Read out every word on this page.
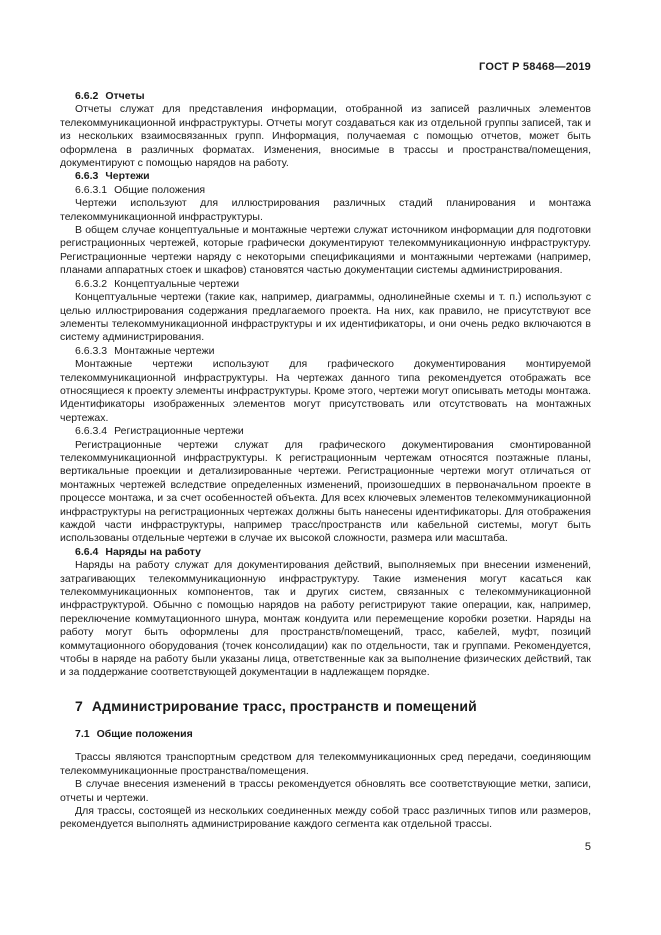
ГОСТ Р 58468—2019
6.6.2 Отчеты

Отчеты служат для представления информации, отобранной из записей различных элементов телекоммуникационной инфраструктуры. Отчеты могут создаваться как из отдельной группы записей, так и из нескольких взаимосвязанных групп. Информация, получаемая с помощью отчетов, может быть оформлена в различных форматах. Изменения, вносимые в трассы и пространства/помещения, документируют с помощью нарядов на работу.

6.6.3 Чертежи
6.6.3.1 Общие положения

Чертежи используют для иллюстрирования различных стадий планирования и монтажа телекоммуникационной инфраструктуры.

В общем случае концептуальные и монтажные чертежи служат источником информации для подготовки регистрационных чертежей, которые графически документируют телекоммуникационную инфраструктуру. Регистрационные чертежи наряду с некоторыми спецификациями и монтажными чертежами (например, планами аппаратных стоек и шкафов) становятся частью документации системы администрирования.

6.6.3.2 Концептуальные чертежи

Концептуальные чертежи (такие как, например, диаграммы, однолинейные схемы и т. п.) используют с целью иллюстрирования содержания предлагаемого проекта. На них, как правило, не присутствуют все элементы телекоммуникационной инфраструктуры и их идентификаторы, и они очень редко включаются в систему администрирования.

6.6.3.3 Монтажные чертежи

Монтажные чертежи используют для графического документирования монтируемой телекоммуникационной инфраструктуры. На чертежах данного типа рекомендуется отображать все относящиеся к проекту элементы инфраструктуры. Кроме этого, чертежи могут описывать методы монтажа. Идентификаторы изображенных элементов могут присутствовать или отсутствовать на монтажных чертежах.

6.6.3.4 Регистрационные чертежи

Регистрационные чертежи служат для графического документирования смонтированной телекоммуникационной инфраструктуры. К регистрационным чертежам относятся поэтажные планы, вертикальные проекции и детализированные чертежи. Регистрационные чертежи могут отличаться от монтажных чертежей вследствие определенных изменений, произошедших в первоначальном проекте в процессе монтажа, и за счет особенностей объекта. Для всех ключевых элементов телекоммуникационной инфраструктуры на регистрационных чертежах должны быть нанесены идентификаторы. Для отображения каждой части инфраструктуры, например трасс/пространств или кабельной системы, могут быть использованы отдельные чертежи в случае их высокой сложности, размера или масштаба.

6.6.4 Наряды на работу

Наряды на работу служат для документирования действий, выполняемых при внесении изменений, затрагивающих телекоммуникационную инфраструктуру. Такие изменения могут касаться как телекоммуникационных компонентов, так и других систем, связанных с телекоммуникационной инфраструктурой. Обычно с помощью нарядов на работу регистрируют такие операции, как, например, переключение коммутационного шнура, монтаж кондуита или перемещение коробки розетки. Наряды на работу могут быть оформлены для пространств/помещений, трасс, кабелей, муфт, позиций коммутационного оборудования (точек консолидации) как по отдельности, так и группами. Рекомендуется, чтобы в наряде на работу были указаны лица, ответственные как за выполнение физических действий, так и за поддержание соответствующей документации в надлежащем порядке.

7 Администрирование трасс, пространств и помещений
7.1 Общие положения

Трассы являются транспортным средством для телекоммуникационных сред передачи, соединяющим телекоммуникационные пространства/помещения.

В случае внесения изменений в трассы рекомендуется обновлять все соответствующие метки, записи, отчеты и чертежи.

Для трассы, состоящей из нескольких соединенных между собой трасс различных типов или размеров, рекомендуется выполнять администрирование каждого сегмента как отдельной трассы.

5
